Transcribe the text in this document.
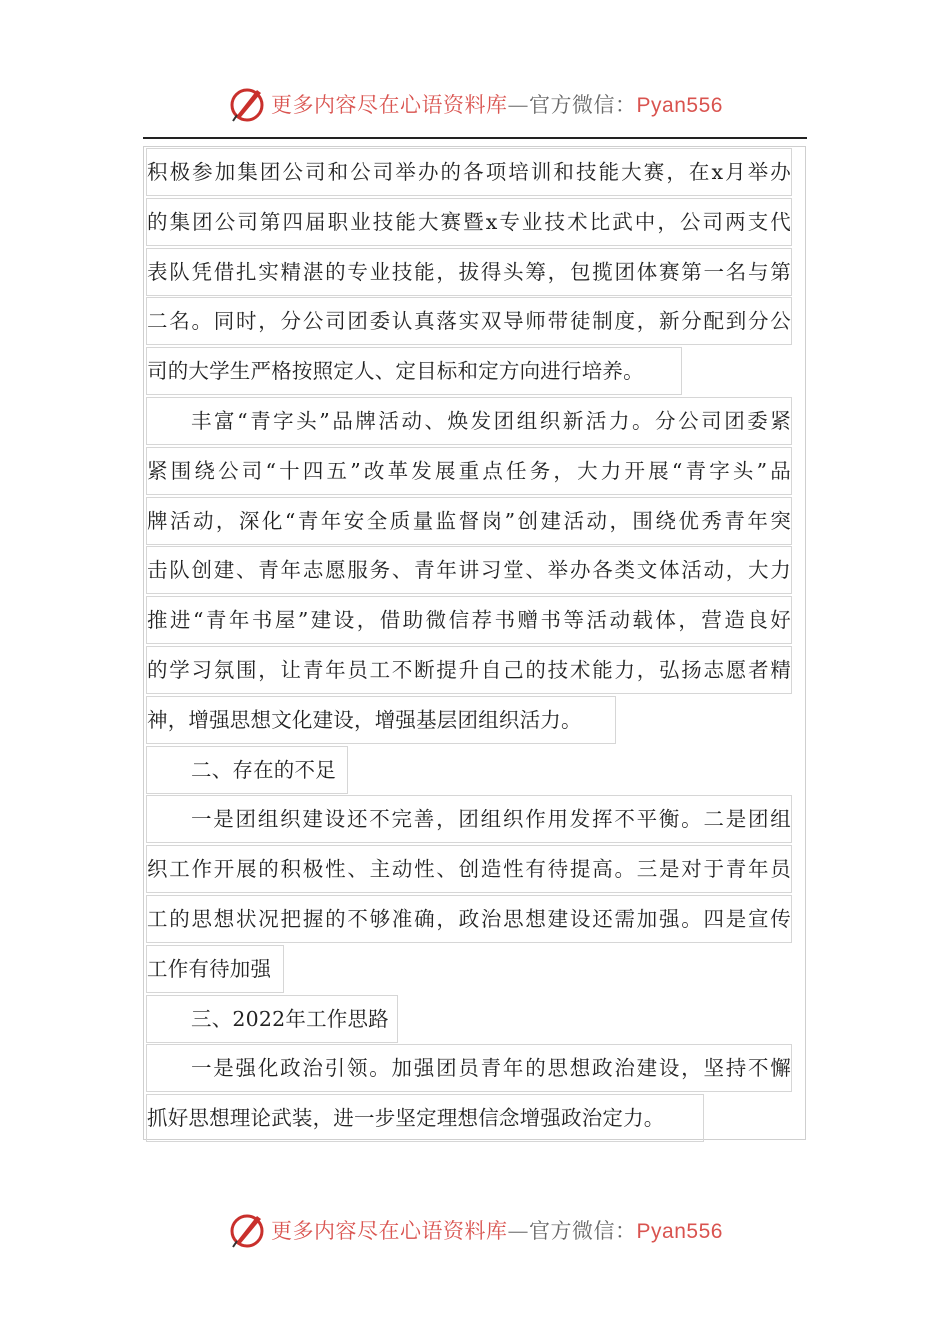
更多内容尽在心语资料库—官方微信：Pyan556
积极参加集团公司和公司举办的各项培训和技能大赛，在x月举办
的集团公司第四届职业技能大赛暨x专业技术比武中，公司两支代
表队凭借扎实精湛的专业技能，拔得头筹，包揽团体赛第一名与第
二名。同时，分公司团委认真落实双导师带徒制度，新分配到分公
司的大学生严格按照定人、定目标和定方向进行培养。
丰富“青字头”品牌活动、焕发团组织新活力。分公司团委紧
紧围绕公司“十四五”改革发展重点任务，大力开展“青字头”品
牌活动，深化“青年安全质量监督岗”创建活动，围绕优秀青年突
击队创建、青年志愿服务、青年讲习堂、举办各类文体活动，大力
推进“青年书屋”建设，借助微信荐书赠书等活动载体，营造良好
的学习氛围，让青年员工不断提升自己的技术能力，弘扬志愿者精
神，增强思想文化建设，增强基层团组织活力。
二、存在的不足
一是团组织建设还不完善，团组织作用发挥不平衡。二是团组
织工作开展的积极性、主动性、创造性有待提高。三是对于青年员
工的思想状况把握的不够准确，政治思想建设还需加强。四是宣传
工作有待加强
三、2022年工作思路
一是强化政治引领。加强团员青年的思想政治建设，坚持不懈
抓好思想理论武装，进一步坚定理想信念增强政治定力。
更多内容尽在心语资料库—官方微信：Pyan556
